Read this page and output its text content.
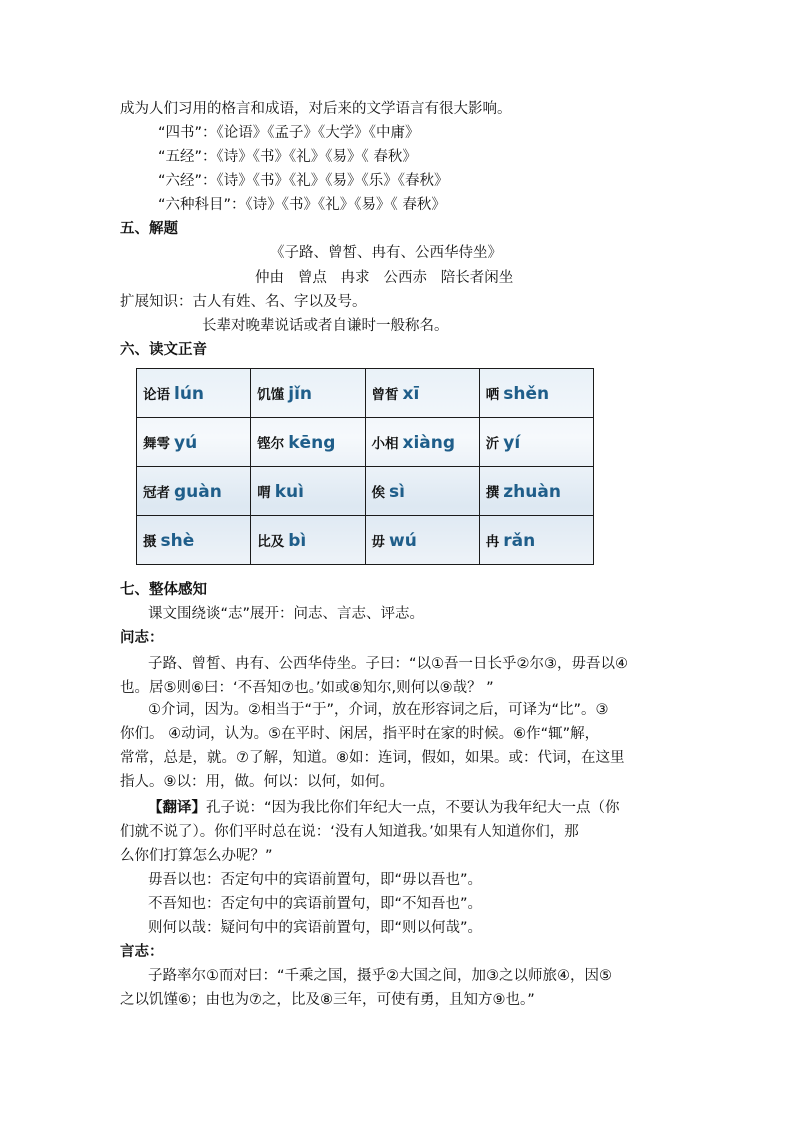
成为人们习用的格言和成语，对后来的文学语言有很大影响。
“四书”：《论语》《孟子》《大学》《中庸》
“五经”：《诗》《书》《礼》《易》《 春秋》
“六经”：《诗》《书》《礼》《易》《乐》《春秋》
“六种科目”：《诗》《书》《礼》《易》《 春秋》
五、解题
《子路、曾皙、冉有、公西华侍坐》
仲由   曾点   冉求   公西赤   陪长者闲坐
扩展知识：古人有姓、名、字以及号。
长辈对晚辈说话或者自谦时一般称名。
六、读文正音
论语 lún	饥馑 jǐn	曾皙 xī	哂 shěn
舞雩 yú	铿尔 kēng	小相 xiàng	沂 yí
冠者 guàn	喟 kuì	俟 sì	撰 zhuàn
摄 shè	比及 bì	毋 wú	冉 rǎn
七、整体感知
课文围绕谈“志”展开：问志、言志、评志。
问志：
子路、曾皙、冉有、公西华侍坐。子曰：“以①吾一日长乎②尔③，毋吾以④
也。居⑤则⑥曰：‘不吾知⑦也。’如或⑧知尔,则何以⑨哉？ ”
①介词，因为。②相当于“于”，介词，放在形容词之后，可译为“比”。③
你们。 ④动词，认为。⑤在平时、闲居，指平时在家的时候。⑥作“辄”解，
常常，总是，就。⑦了解，知道。⑧如：连词，假如，如果。或：代词，在这里
指人。⑨以：用，做。何以：以何，如何。
【翻译】孔子说：“因为我比你们年纪大一点，不要认为我年纪大一点（你
们就不说了）。你们平时总在说：‘没有人知道我。’如果有人知道你们，那
么你们打算怎么办呢？”
毋吾以也：否定句中的宾语前置句，即“毋以吾也”。
不吾知也：否定句中的宾语前置句，即“不知吾也”。
则何以哉：疑问句中的宾语前置句，即“则以何哉”。
言志：
子路率尔①而对曰：“千乘之国，摄乎②大国之间，加③之以师旅④，因⑤
之以饥馑⑥；由也为⑦之，比及⑧三年，可使有勇，且知方⑨也。”
